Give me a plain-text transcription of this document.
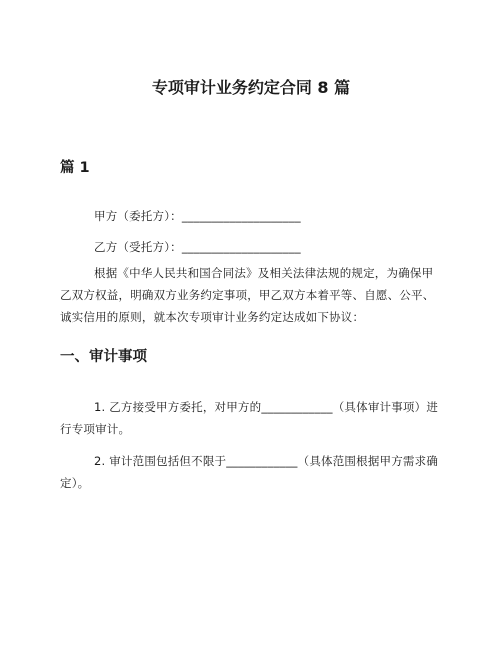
专项审计业务约定合同 8 篇
篇 1
甲方（委托方）：____________________
乙方（受托方）：____________________
根据《中华人民共和国合同法》及相关法律法规的规定，为确保甲乙双方权益，明确双方业务约定事项，甲乙双方本着平等、自愿、公平、诚实信用的原则，就本次专项审计业务约定达成如下协议：
一、审计事项
1. 乙方接受甲方委托，对甲方的____________（具体审计事项）进行专项审计。
2. 审计范围包括但不限于____________（具体范围根据甲方需求确定）。
